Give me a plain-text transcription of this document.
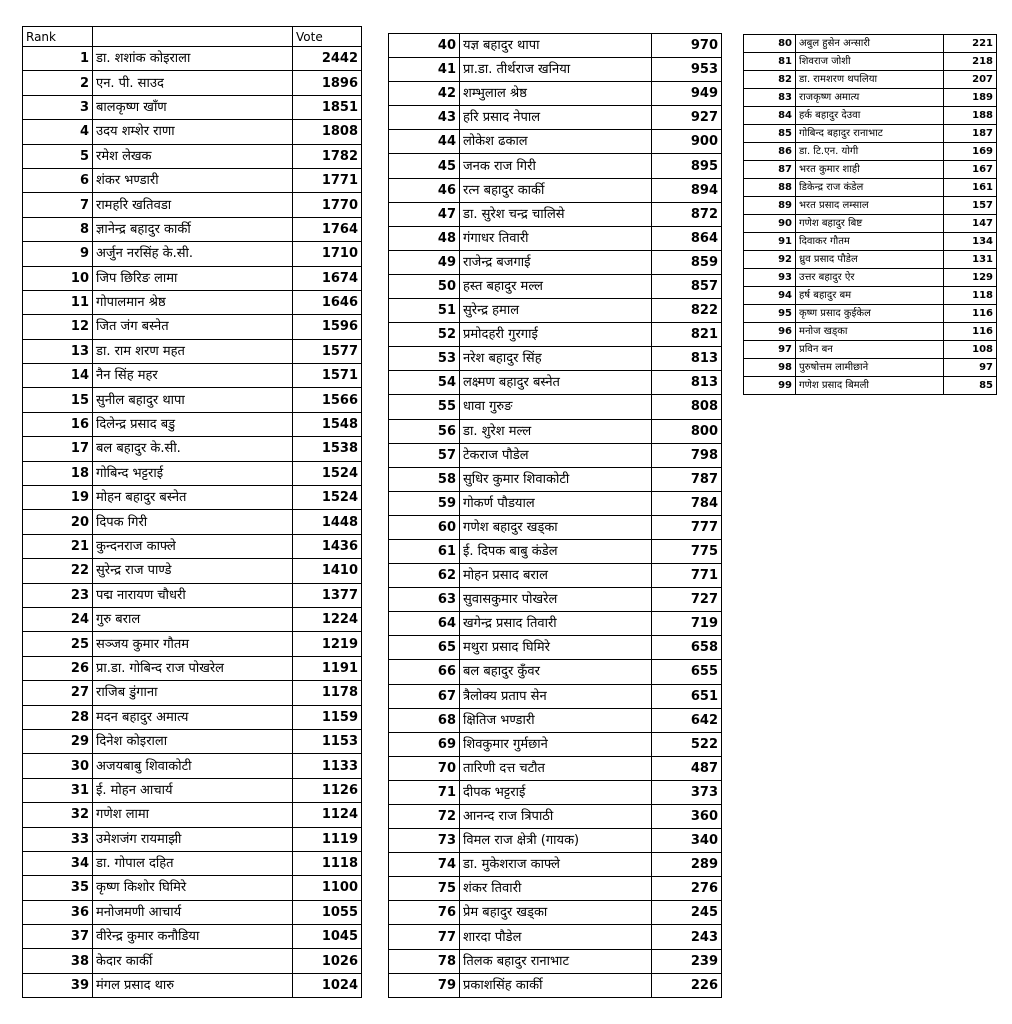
Rank		Vote
1	डा. शशांक कोइराला	2442
2	एन. पी. साउद	1896
3	बालकृष्ण खाँण	1851
4	उदय शम्शेर राणा	1808
5	रमेश लेखक	1782
6	शंकर भण्डारी	1771
7	रामहरि खतिवडा	1770
8	ज्ञानेन्द्र बहादुर कार्की	1764
9	अर्जुन नरसिंह के.सी.	1710
10	जिप छिरिङ लामा	1674
11	गोपालमान श्रेष्ठ	1646
12	जित जंग बस्नेत	1596
13	डा. राम शरण महत	1577
14	नैन सिंह महर	1571
15	सुनील बहादुर थापा	1566
16	दिलेन्द्र प्रसाद बडु	1548
17	बल बहादुर के.सी.	1538
18	गोबिन्द भट्टराई	1524
19	मोहन बहादुर बस्नेत	1524
20	दिपक गिरी	1448
21	कुन्दनराज काफ्ले	1436
22	सुरेन्द्र राज पाण्डे	1410
23	पद्म नारायण चौधरी	1377
24	गुरु बराल	1224
25	सञ्जय कुमार गौतम	1219
26	प्रा.डा. गोबिन्द राज पोखरेल	1191
27	राजिब डुंगाना	1178
28	मदन बहादुर अमात्य	1159
29	दिनेश कोइराला	1153
30	अजयबाबु शिवाकोटी	1133
31	ई. मोहन आचार्य	1126
32	गणेश लामा	1124
33	उमेशजंग रायमाझी	1119
34	डा. गोपाल दहित	1118
35	कृष्ण किशोर घिमिरे	1100
36	मनोजमणी आचार्य	1055
37	वीरेन्द्र कुमार कनौडिया	1045
38	केदार कार्की	1026
39	मंगल प्रसाद थारु	1024
40	यज्ञ बहादुर थापा	970
41	प्रा.डा. तीर्थराज खनिया	953
42	शम्भुलाल श्रेष्ठ	949
43	हरि प्रसाद नेपाल	927
44	लोकेश ढकाल	900
45	जनक राज गिरी	895
46	रत्न बहादुर कार्की	894
47	डा. सुरेश चन्द्र चालिसे	872
48	गंगाधर तिवारी	864
49	राजेन्द्र बजगाई	859
50	हस्त बहादुर मल्ल	857
51	सुरेन्द्र हमाल	822
52	प्रमोदहरी गुरगाई	821
53	नरेश बहादुर सिंह	813
54	लक्ष्मण बहादुर बस्नेत	813
55	धावा गुरुङ	808
56	डा. शुरेश मल्ल	800
57	टेकराज पौडेल	798
58	सुधिर कुमार शिवाकोटी	787
59	गोकर्ण पौडयाल	784
60	गणेश बहादुर खड्का	777
61	ई. दिपक बाबु कंडेल	775
62	मोहन प्रसाद बराल	771
63	सुवासकुमार पोखरेल	727
64	खगेन्द्र प्रसाद तिवारी	719
65	मथुरा प्रसाद घिमिरे	658
66	बल बहादुर कुँवर	655
67	त्रैलोक्य प्रताप सेन	651
68	क्षितिज भण्डारी	642
69	शिवकुमार गुर्मछाने	522
70	तारिणी दत्त चटौत	487
71	दीपक भट्टराई	373
72	आनन्द राज त्रिपाठी	360
73	विमल राज क्षेत्री (गायक)	340
74	डा. मुकेशराज काफ्ले	289
75	शंकर तिवारी	276
76	प्रेम बहादुर खड्का	245
77	शारदा पौडेल	243
78	तिलक बहादुर रानाभाट	239
79	प्रकाशसिंह कार्की	226
80	अबुल हुसेन अन्सारी	221
81	शिवराज जोशी	218
82	डा. रामशरण थपलिया	207
83	राजकृष्ण अमात्य	189
84	हर्क बहादुर देउवा	188
85	गोबिन्द बहादुर रानाभाट	187
86	डा. टि.एन. योगी	169
87	भरत कुमार शाही	167
88	डिकेन्द्र राज कंडेल	161
89	भरत प्रसाद लम्साल	157
90	गणेश बहादुर बिष्ट	147
91	दिवाकर गौतम	134
92	ध्रुव प्रसाद पौडेल	131
93	उत्तर बहादुर ऐर	129
94	हर्ष बहादुर बम	118
95	कृष्ण प्रसाद कुईकेल	116
96	मनोज खड्का	116
97	प्रविन बन	108
98	पुरुषोत्तम लामीछाने	97
99	गणेश प्रसाद बिमली	85
